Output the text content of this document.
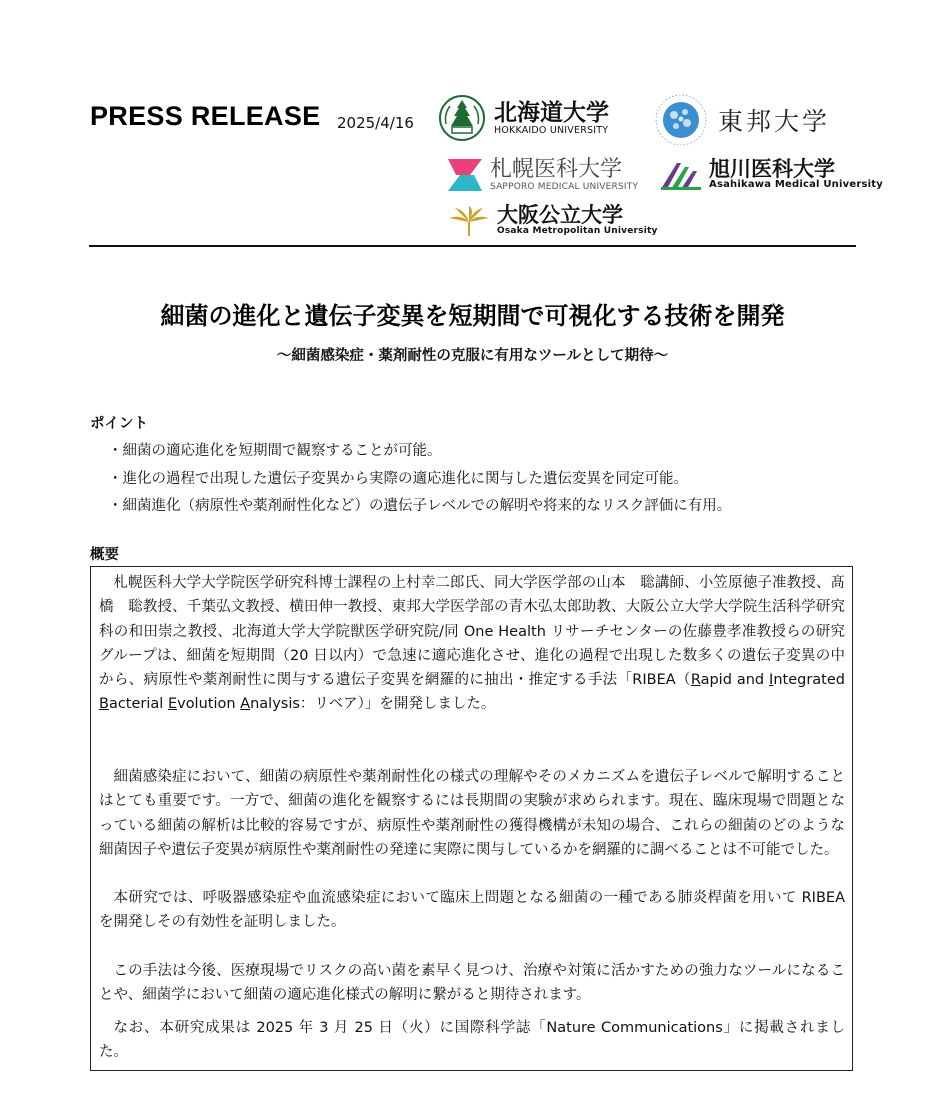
PRESS RELEASE 2025/4/16	北海道大学
HOKKAIDO UNIVERSITY	東邦大学
札幌医科大学
SAPPORO MEDICAL UNIVERSITY
旭川医科大学
Asahikawa Medical University
大阪公立大学
Osaka Metropolitan University
細菌の進化と遺伝子変異を短期間で可視化する技術を開発
〜細菌感染症・薬剤耐性の克服に有用なツールとして期待〜
ポイント
・細菌の適応進化を短期間で観察することが可能。
・進化の過程で出現した遺伝子変異から実際の適応進化に関与した遺伝変異を同定可能。
・細菌進化（病原性や薬剤耐性化など）の遺伝子レベルでの解明や将来的なリスク評価に有用。
概要
札幌医科大学大学院医学研究科博士課程の上村幸二郎氏、同大学医学部の山本　聡講師、小笠原徳子准教授、髙橋　聡教授、千葉弘文教授、横田伸一教授、東邦大学医学部の青木弘太郎助教、大阪公立大学大学院生活科学研究科の和田崇之教授、北海道大学大学院獣医学研究院/同 One Health リサーチセンターの佐藤豊孝准教授らの研究グループは、細菌を短期間（20 日以内）で急速に適応進化させ、進化の過程で出現した数多くの遺伝子変異の中から、病原性や薬剤耐性に関与する遺伝子変異を網羅的に抽出・推定する手法「RIBEA（Rapid and Integrated Bacterial Evolution Analysis：リベア）」を開発しました。
細菌感染症において、細菌の病原性や薬剤耐性化の様式の理解やそのメカニズムを遺伝子レベルで解明することはとても重要です。一方で、細菌の進化を観察するには長期間の実験が求められます。現在、臨床現場で問題となっている細菌の解析は比較的容易ですが、病原性や薬剤耐性の獲得機構が未知の場合、これらの細菌のどのような細菌因子や遺伝子変異が病原性や薬剤耐性の発達に実際に関与しているかを網羅的に調べることは不可能でした。
本研究では、呼吸器感染症や血流感染症において臨床上問題となる細菌の一種である肺炎桿菌を用いて RIBEA を開発しその有効性を証明しました。
この手法は今後、医療現場でリスクの高い菌を素早く見つけ、治療や対策に活かすための強力なツールになることや、細菌学において細菌の適応進化様式の解明に繋がると期待されます。
なお、本研究成果は 2025 年 3 月 25 日（火）に国際科学誌「Nature Communications」に掲載されました。
